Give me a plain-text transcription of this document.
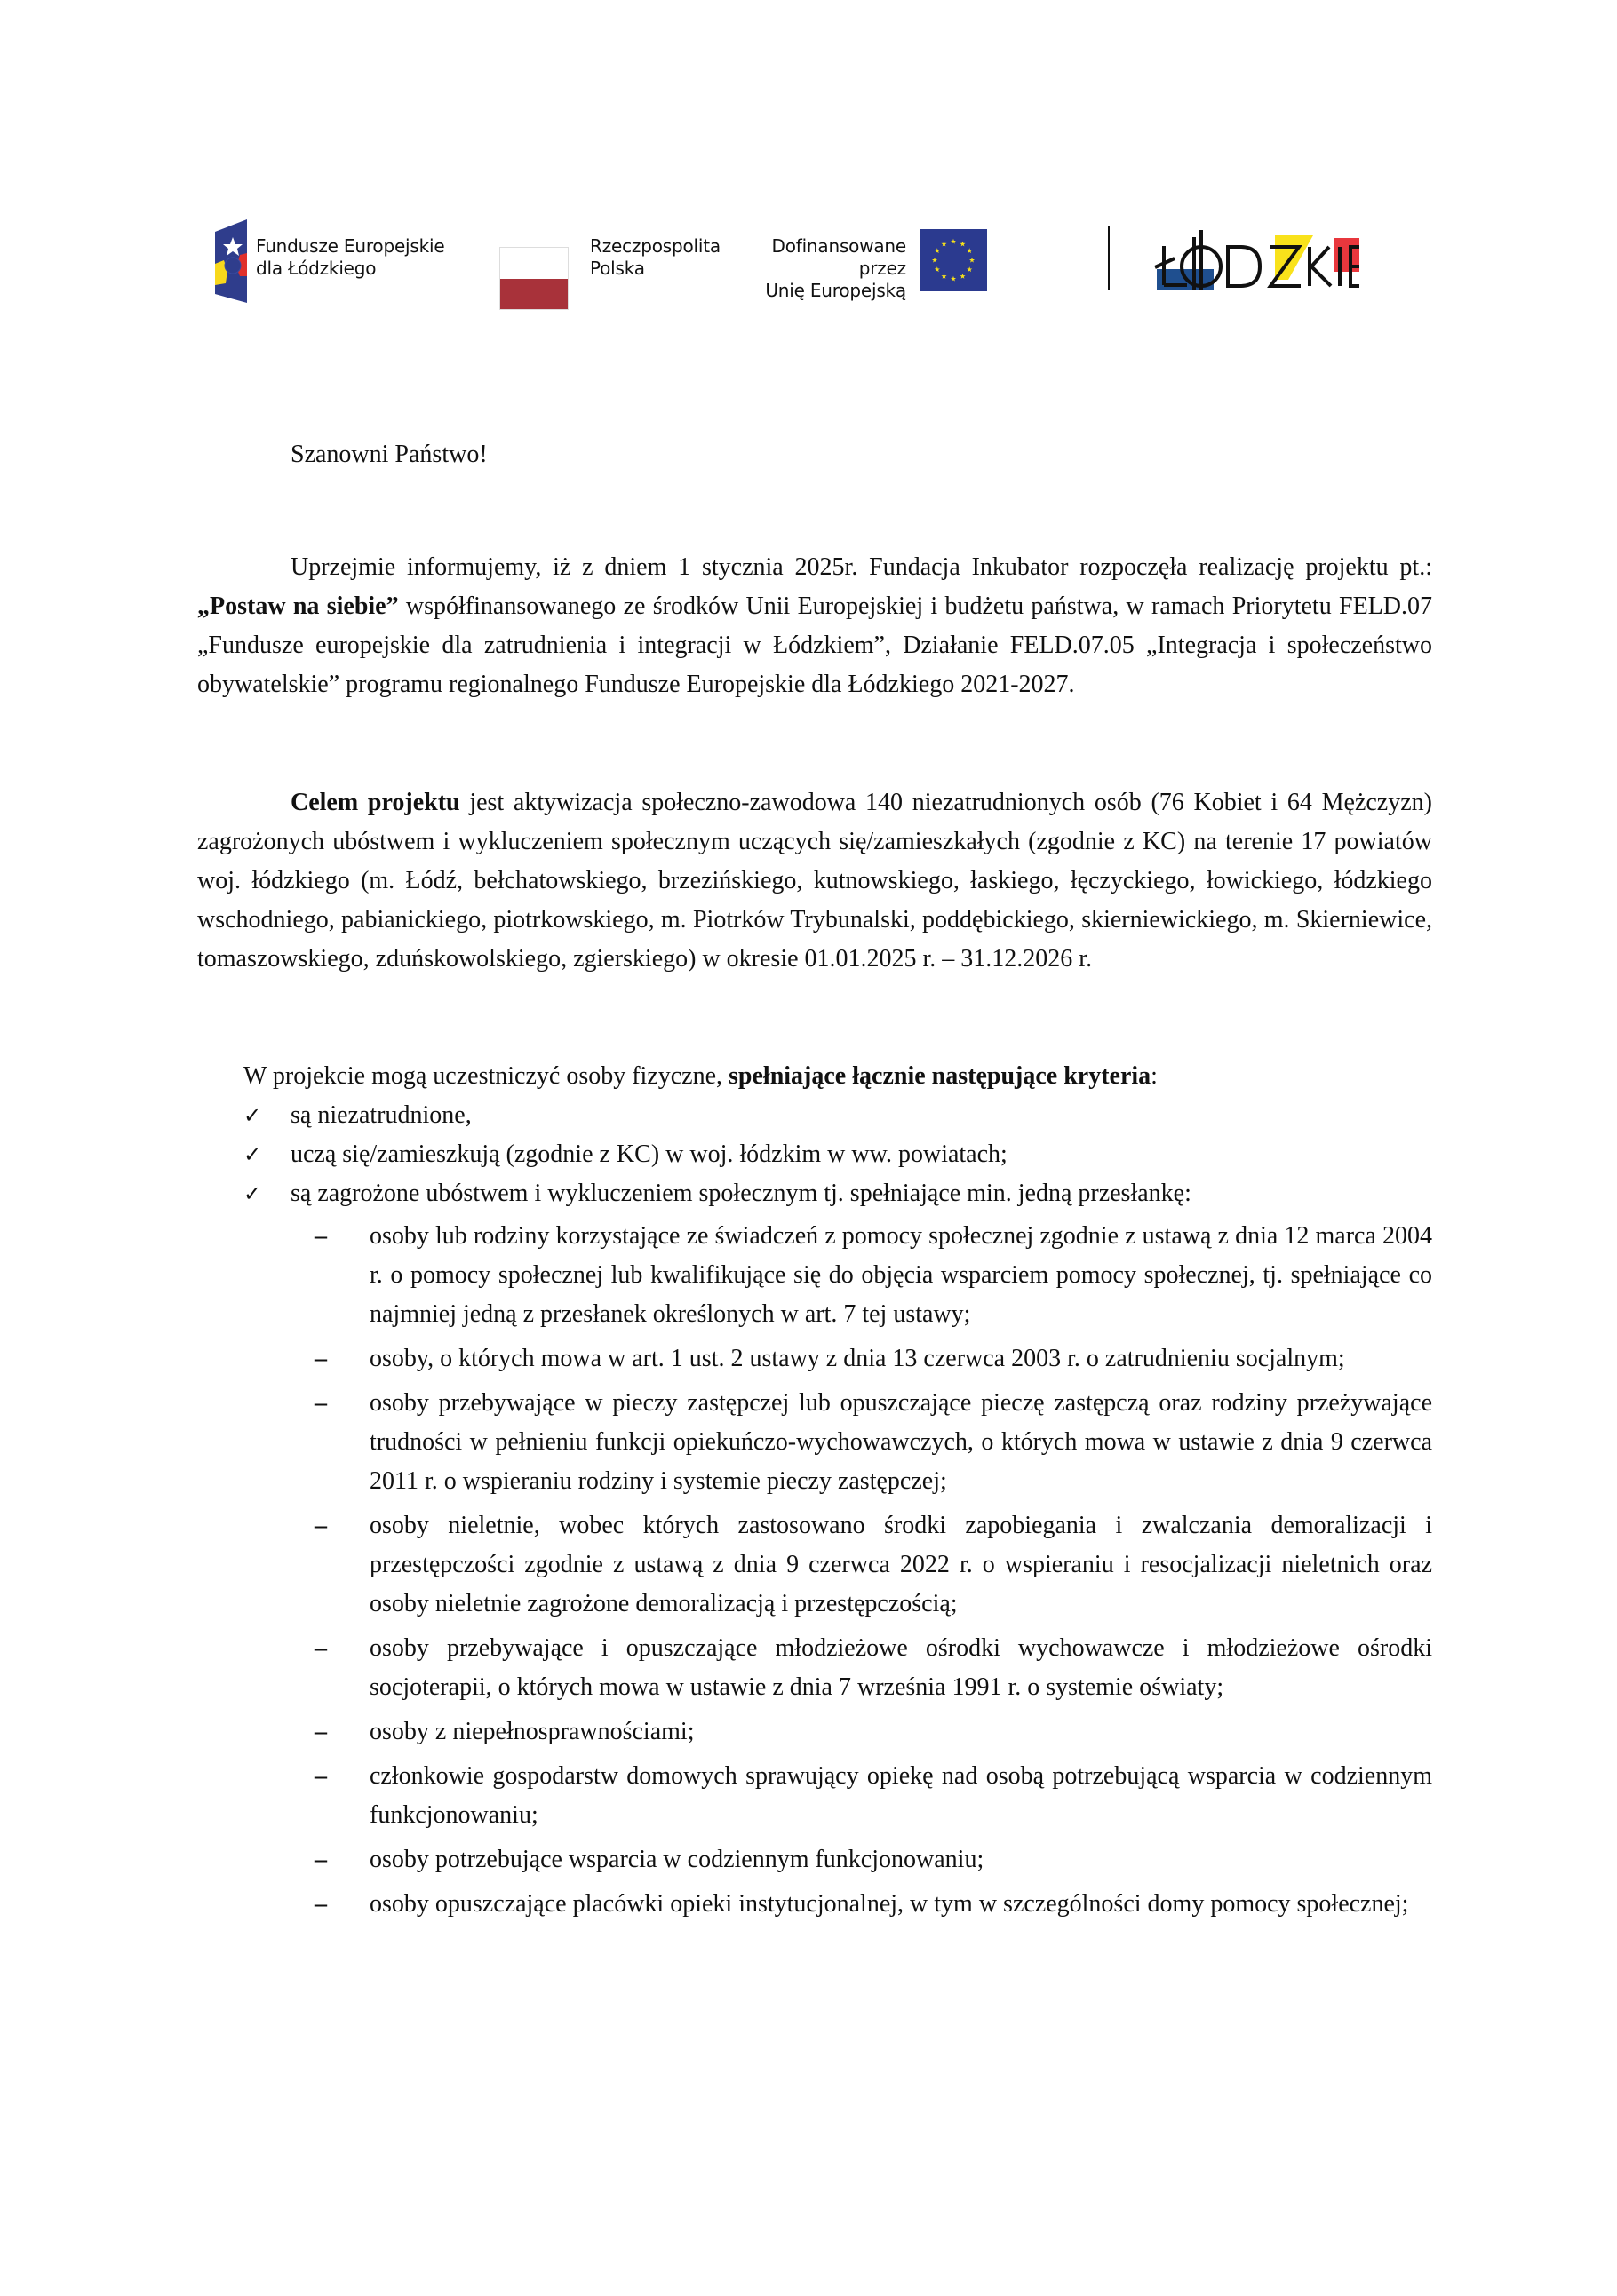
Fundusze Europejskie
dla Łódzkiego
Rzeczpospolita
Polska
Dofinansowane przez
Unię Europejską
Szanowni Państwo!
Uprzejmie informujemy, iż z dniem 1 stycznia 2025r. Fundacja Inkubator rozpoczęła realizację projektu pt.: „Postaw na siebie” współfinansowanego ze środków Unii Europejskiej i budżetu państwa, w ramach Priorytetu FELD.07 „Fundusze europejskie dla zatrudnienia i integracji w Łódzkiem”, Działanie FELD.07.05 „Integracja i społeczeństwo obywatelskie” programu regionalnego Fundusze Europejskie dla Łódzkiego 2021-2027.
Celem projektu jest aktywizacja społeczno-zawodowa 140 niezatrudnionych osób (76 Kobiet i 64 Mężczyzn) zagrożonych ubóstwem i wykluczeniem społecznym uczących się/zamieszkałych (zgodnie z KC) na terenie 17 powiatów woj. łódzkiego (m. Łódź, bełchatowskiego, brzezińskiego, kutnowskiego, łaskiego, łęczyckiego, łowickiego, łódzkiego wschodniego, pabianickiego, piotrkowskiego, m. Piotrków Trybunalski, poddębickiego, skierniewickiego, m. Skierniewice, tomaszowskiego, zduńskowolskiego, zgierskiego) w okresie 01.01.2025 r. – 31.12.2026 r.
W projekcie mogą uczestniczyć osoby fizyczne, spełniające łącznie następujące kryteria:
✓ są niezatrudnione,
✓ uczą się/zamieszkują (zgodnie z KC) w woj. łódzkim w ww. powiatach;
✓ są zagrożone ubóstwem i wykluczeniem społecznym tj. spełniające min. jedną przesłankę:
– osoby lub rodziny korzystające ze świadczeń z pomocy społecznej zgodnie z ustawą z dnia 12 marca 2004 r. o pomocy społecznej lub kwalifikujące się do objęcia wsparciem pomocy społecznej, tj. spełniające co najmniej jedną z przesłanek określonych w art. 7 tej ustawy;
– osoby, o których mowa w art. 1 ust. 2 ustawy z dnia 13 czerwca 2003 r. o zatrudnieniu socjalnym;
– osoby przebywające w pieczy zastępczej lub opuszczające pieczę zastępczą oraz rodziny przeżywające trudności w pełnieniu funkcji opiekuńczo-wychowawczych, o których mowa w ustawie z dnia 9 czerwca 2011 r. o wspieraniu rodziny i systemie pieczy zastępczej;
– osoby nieletnie, wobec których zastosowano środki zapobiegania i zwalczania demoralizacji i przestępczości zgodnie z ustawą z dnia 9 czerwca 2022 r. o wspieraniu i resocjalizacji nieletnich oraz osoby nieletnie zagrożone demoralizacją i przestępczością;
– osoby przebywające i opuszczające młodzieżowe ośrodki wychowawcze i młodzieżowe ośrodki socjoterapii, o których mowa w ustawie z dnia 7 września 1991 r. o systemie oświaty;
– osoby z niepełnosprawnościami;
– członkowie gospodarstw domowych sprawujący opiekę nad osobą potrzebującą wsparcia w codziennym funkcjonowaniu;
– osoby potrzebujące wsparcia w codziennym funkcjonowaniu;
– osoby opuszczające placówki opieki instytucjonalnej, w tym w szczególności domy pomocy społecznej;
